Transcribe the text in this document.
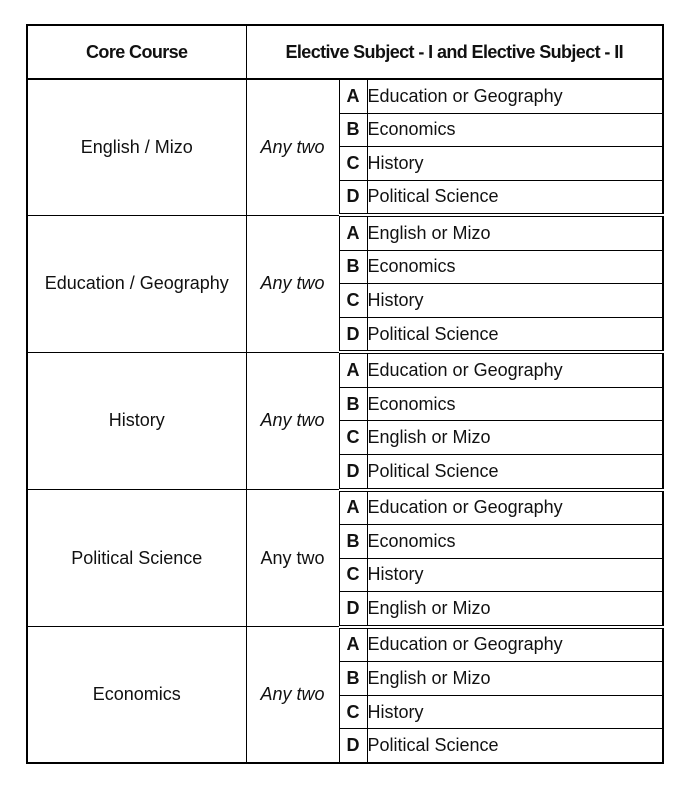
Core Course	Elective Subject - I and Elective Subject - II		
English / Mizo	Any two	A	Education or Geography
		B	Economics
		C	History
		D	Political Science
Education / Geography	Any two	A	English or Mizo
		B	Economics
		C	History
		D	Political Science
History	Any two	A	Education or Geography
		B	Economics
		C	English or Mizo
		D	Political Science
Political Science	Any two	A	Education or Geography
		B	Economics
		C	History
		D	English or Mizo
Economics	Any two	A	Education or Geography
		B	English or Mizo
		C	History
		D	Political Science
